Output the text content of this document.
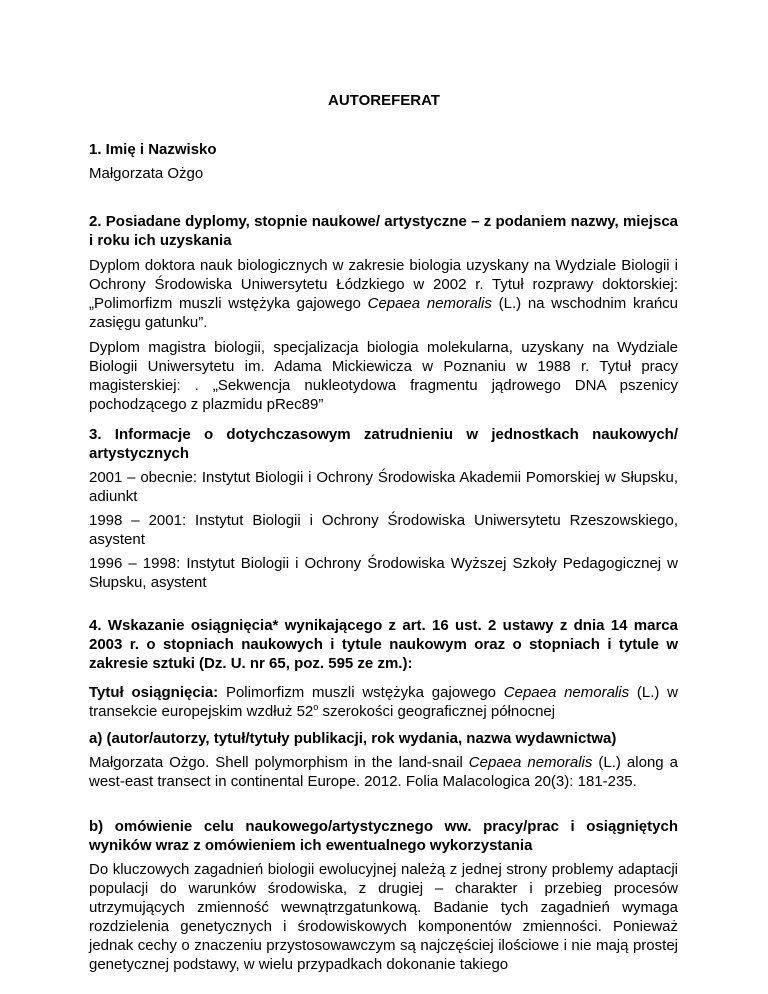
AUTOREFERAT
1. Imię i Nazwisko
Małgorzata Ożgo
2. Posiadane dyplomy, stopnie naukowe/ artystyczne – z podaniem nazwy, miejsca i roku ich uzyskania
Dyplom doktora nauk biologicznych w zakresie biologia uzyskany na Wydziale Biologii i Ochrony Środowiska Uniwersytetu Łódzkiego w 2002 r. Tytuł rozprawy doktorskiej: „Polimorfizm muszli wstężyka gajowego Cepaea nemoralis (L.) na wschodnim krańcu zasięgu gatunku”.
Dyplom magistra biologii, specjalizacja biologia molekularna, uzyskany na Wydziale Biologii Uniwersytetu im. Adama Mickiewicza w Poznaniu w 1988 r. Tytuł pracy magisterskiej: . „Sekwencja nukleotydowa fragmentu jądrowego DNA pszenicy pochodzącego z plazmidu pRec89”
3. Informacje o dotychczasowym zatrudnieniu w jednostkach naukowych/ artystycznych
2001 – obecnie: Instytut Biologii i Ochrony Środowiska Akademii Pomorskiej w Słupsku, adiunkt
1998 – 2001: Instytut Biologii i Ochrony Środowiska Uniwersytetu Rzeszowskiego, asystent
1996 – 1998: Instytut Biologii i Ochrony Środowiska Wyższej Szkoły Pedagogicznej w Słupsku, asystent
4. Wskazanie osiągnięcia* wynikającego z art. 16 ust. 2 ustawy z dnia 14 marca 2003 r. o stopniach naukowych i tytule naukowym oraz o stopniach i tytule w zakresie sztuki (Dz. U. nr 65, poz. 595 ze zm.):
Tytuł osiągnięcia: Polimorfizm muszli wstężyka gajowego Cepaea nemoralis (L.) w transekcie europejskim wzdłuż 52$^o$ szerokości geograficznej północnej
a) (autor/autorzy, tytuł/tytuły publikacji, rok wydania, nazwa wydawnictwa)
Małgorzata Ożgo. Shell polymorphism in the land-snail Cepaea nemoralis (L.) along a west-east transect in continental Europe. 2012. Folia Malacologica 20(3): 181-235.
b) omówienie celu naukowego/artystycznego ww. pracy/prac i osiągniętych wyników wraz z omówieniem ich ewentualnego wykorzystania
Do kluczowych zagadnień biologii ewolucyjnej należą z jednej strony problemy adaptacji populacji do warunków środowiska, z drugiej – charakter i przebieg procesów utrzymujących zmienność wewnątrzgatunkową. Badanie tych zagadnień wymaga rozdzielenia genetycznych i środowiskowych komponentów zmienności. Ponieważ jednak cechy o znaczeniu przystosowawczym są najczęściej ilościowe i nie mają prostej genetycznej podstawy, w wielu przypadkach dokonanie takiego
